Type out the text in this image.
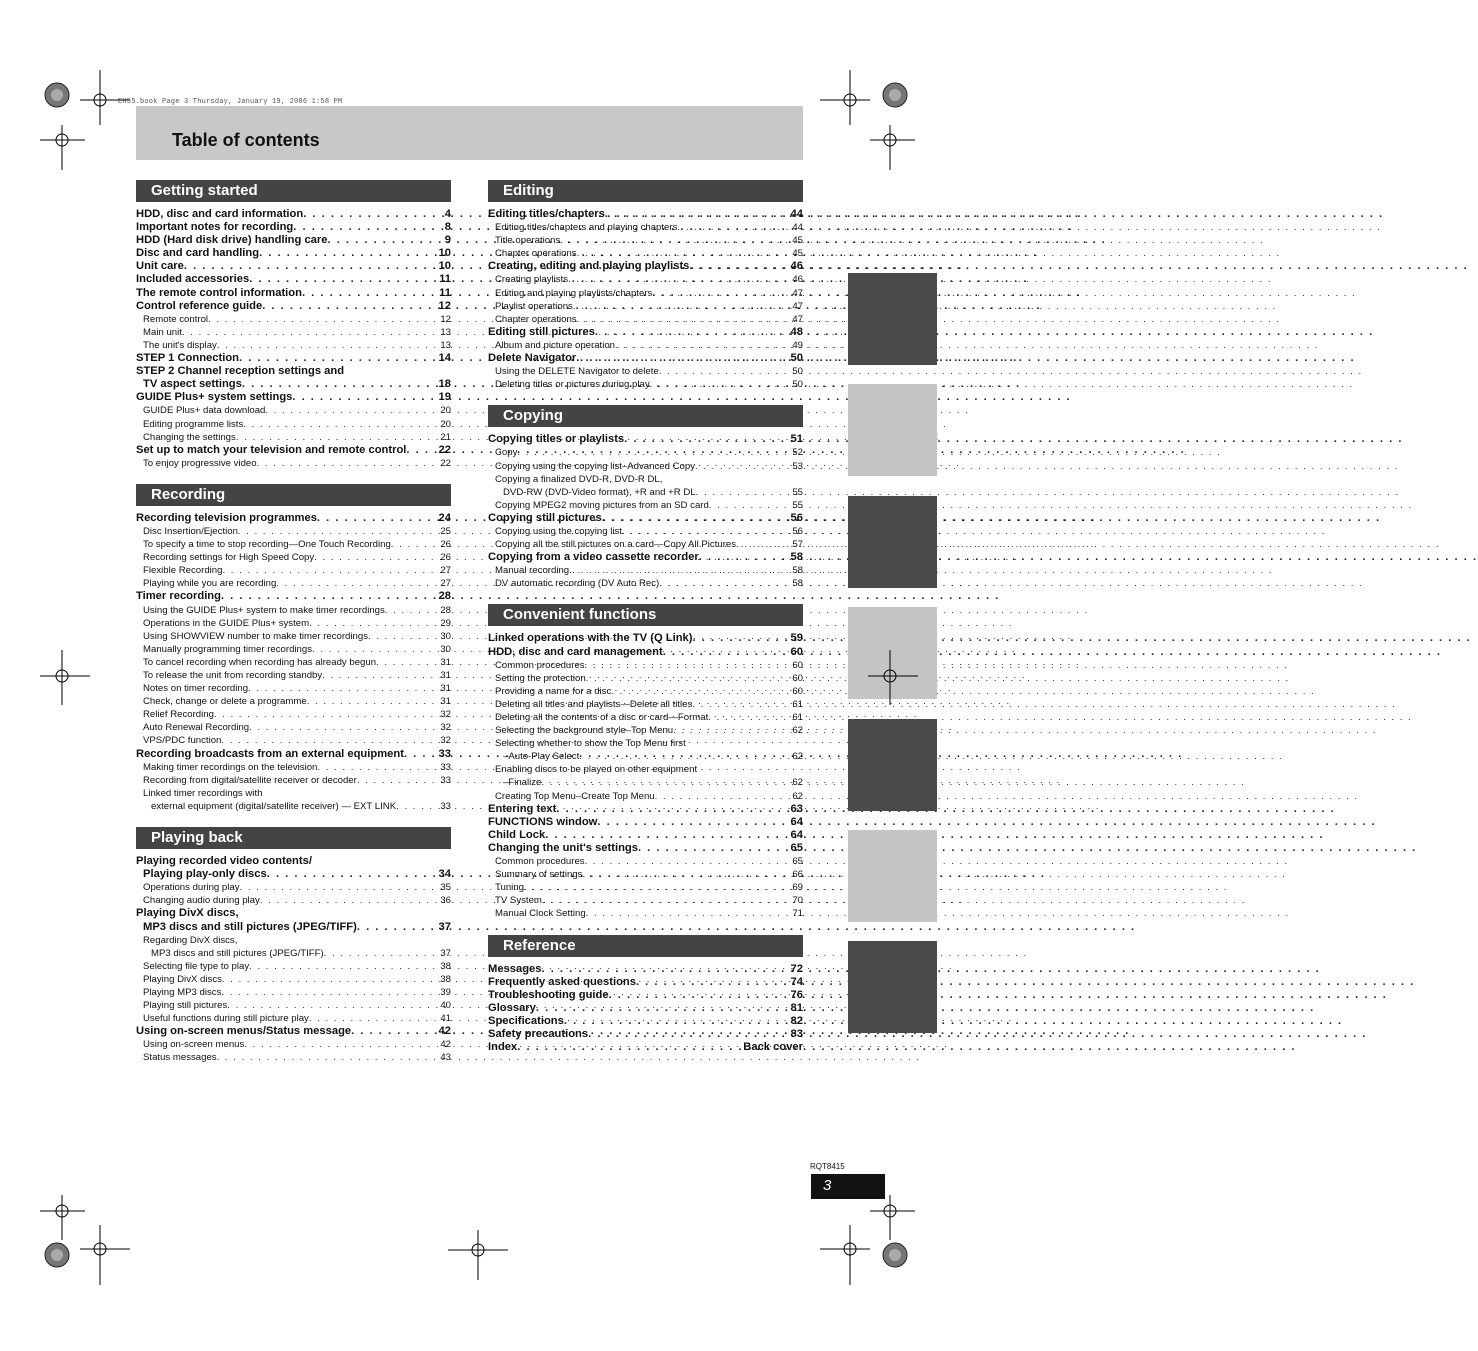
EH55.book Page 3 Thursday, January 19, 2006 1:58 PM
Table of contents
Getting started
HDD, disc and card information . . .	4
Important notes for recording . . .	8
HDD (Hard disk drive) handling care . . .	9
Disc and card handling . . .	10
Unit care . . .	10
Included accessories . . .	11
The remote control information . . .	11
Control reference guide . . .	12
Remote control . . .	12
Main unit . . .	13
The unit's display . . .	13
STEP 1 Connection . . .	14
STEP 2 Channel reception settings and
TV aspect settings . . .	18
GUIDE Plus+ system settings . . .	19
GUIDE Plus+ data download . . .	20
Editing programme lists . . .	20
Changing the settings . . .	21
Set up to match your television and remote control . . .	22
To enjoy progressive video . . .	22
Recording
Recording television programmes . . .	24
Disc Insertion/Ejection . . .	25
To specify a time to stop recording—One Touch Recording . . .	26
Recording settings for High Speed Copy . . .	26
Flexible Recording . . .	27
Playing while you are recording . . .	27
Timer recording . . .	28
Using the GUIDE Plus+ system to make timer recordings . . .	28
Operations in the GUIDE Plus+ system . . .	29
Using SHOWVIEW number to make timer recordings . . .	30
Manually programming timer recordings . . .	30
To cancel recording when recording has already begun . . .	31
To release the unit from recording standby . . .	31
Notes on timer recording . . .	31
Check, change or delete a programme . . .	31
Relief Recording . . .	32
Auto Renewal Recording . . .	32
VPS/PDC function . . .	32
Recording broadcasts from an external equipment . . .	33
Making timer recordings on the television . . .	33
Recording from digital/satellite receiver or decoder . . .	33
Linked timer recordings with
external equipment (digital/satellite receiver) — EXT LINK . . .	33
Playing back
Playing recorded video contents/
Playing play-only discs . . .	34
Operations during play . . .	35
Changing audio during play . . .	36
Playing DivX discs,
MP3 discs and still pictures (JPEG/TIFF) . . .	37
Regarding DivX discs,
MP3 discs and still pictures (JPEG/TIFF) . . .	37
Selecting file type to play . . .	38
Playing DivX discs . . .	38
Playing MP3 discs . . .	39
Playing still pictures . . .	40
Useful functions during still picture play . . .	41
Using on-screen menus/Status message . . .	42
Using on-screen menus . . .	42
Status messages . . .	43
Editing
Editing titles/chapters . . .	44
Editing titles/chapters and playing chapters . . .	44
Title operations . . .	45
Chapter operations . . .	45
Creating, editing and playing playlists . . .	46
Creating playlists . . .	46
Editing and playing playlists/chapters . . .	47
Playlist operations . . .	47
Chapter operations . . .	47
Editing still pictures . . .	48
Album and picture operation . . .	49
Delete Navigator . . .	50
Using the DELETE Navigator to delete . . .	50
Deleting titles or pictures during play . . .	50
Copying
Copying titles or playlists . . .	51
Copy . . .	52
Copying using the copying list–Advanced Copy . . .	53
Copying a finalized DVD-R, DVD-R DL,
DVD-RW (DVD-Video format), +R and +R DL . . .	55
Copying MPEG2 moving pictures from an SD card . . .	55
Copying still pictures . . .	56
Copying using the copying list . . .	56
Copying all the still pictures on a card—Copy All Pictures . . .	57
Copying from a video cassette recorder . . .	58
Manual recording . . .	58
DV automatic recording (DV Auto Rec) . . .	58
Convenient functions
Linked operations with the TV (Q Link) . . .	59
HDD, disc and card management . . .	60
Common procedures . . .	60
Setting the protection . . .	60
Providing a name for a disc . . .	60
Deleting all titles and playlists—Delete all titles . . .	61
Deleting all the contents of a disc or card—Format . . .	61
Selecting the background style–Top Menu . . .	62
Selecting whether to show the Top Menu first
–Auto-Play Select . . .	62
Enabling discs to be played on other equipment
–Finalize . . .	62
Creating Top Menu–Create Top Menu . . .	62
Entering text . . .	63
FUNCTIONS window . . .	64
Child Lock . . .	64
Changing the unit's settings . . .	65
Common procedures . . .	65
Summary of settings . . .	66
Tuning . . .	69
TV System . . .	70
Manual Clock Setting . . .	71
Reference
Messages . . .	72
Frequently asked questions . . .	74
Troubleshooting guide . . .	76
Glossary . . .	81
Specifications . . .	82
Safety precautions . . .	83
Index . . .	Back cover
RQT8415
3
